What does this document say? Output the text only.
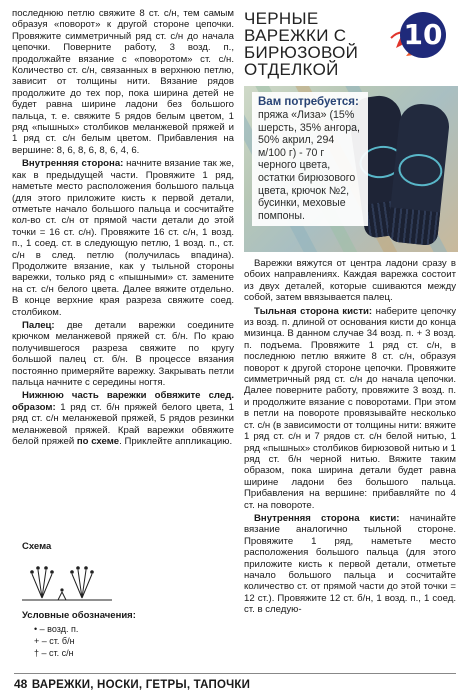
последнюю петлю свяжите 8 ст. с/н, тем самым образуя «поворот» к другой стороне цепочки. Провяжите симметричный ряд ст. с/н до начала цепочки. Поверните работу, 3 возд. п., продолжайте вязание с «поворотом» ст. с/н. Количество ст. с/н, связанных в верхнюю петлю, зависит от толщины нити. Вязание рядов продолжите до тех пор, пока ширина детей не будет равна ширине ладони без большого пальца, т. е. свяжите 5 рядов белым цветом, 1 ряд «пышных» столбиков меланжевой пряжей и 1 ряд ст. с/н белым цветом. Прибавления на вершине: 8, 6, 8, 6, 8, 6, 4, 6.

Внутренняя сторона: начните вязание так же, как в предыдущей части. Провяжите 1 ряд, наметьте место расположения большого пальца (для этого приложите кисть к первой детали, отметьте начало большого пальца и сосчитайте кол-во ст. с/н от прямой части детали до этой точки = 16 ст. с/н). Провяжите 16 ст. с/н, 1 возд. п., 1 соед. ст. в следующую петлю, 1 возд. п., ст. с/н в след. петлю (получилась впадина). Продолжите вязание, как у тыльной стороны варежки, только ряд с «пышными» ст. замените на ст. с/н белого цвета. Далее вяжите отдельно. В конце верхние края разреза свяжите соед. столбиком.

Палец: две детали варежки соедините крючком меланжевой пряжей ст. б/н. По краю получившегося разреза свяжите по кругу большой палец ст. б/н. В процессе вязания постоянно примеряйте варежку. Закрывать петли пальца начните с середины ногтя.

Нижнюю часть варежки обвяжите след. образом: 1 ряд ст. б/н пряжей белого цвета, 1 ряд ст. с/н меланжевой пряжей, 5 рядов резинки меланжевой пряжей. Край варежки обвяжите белой пряжей по схеме. Приклейте аппликацию.

Схема
Условные обозначения:
• – возд. п.
+ – ст. б/н
† – ст. с/н
ЧЕРНЫЕ ВАРЕЖКИ С БИРЮЗОВОЙ ОТДЕЛКОЙ
10
Вам потребуется:
пряжа «Лиза» (15% шерсть, 35% ангора, 50% акрил, 294 м/100 г) - 70 г черного цвета, остатки бирюзового цвета, крючок №2, бусинки, меховые помпоны.

Варежки вяжутся от центра ладони сразу в обоих направлениях. Каждая варежка состоит из двух деталей, которые сшиваются между собой, затем ввязывается палец.

Тыльная сторона кисти: наберите цепочку из возд. п. длиной от основания кисти до конца мизинца. В данном случае 34 возд. п. + 3 возд. п. подъема. Провяжите 1 ряд ст. с/н, в последнюю петлю вяжите 8 ст. с/н, образуя поворот к другой стороне цепочки. Провяжите симметричный ряд ст. с/н до начала цепочки. Далее поверните работу, провяжите 3 возд. п. и продолжите вязание с поворотами. При этом в петли на повороте провязывайте несколько ст. с/н (в зависимости от толщины нити: вяжите 1 ряд ст. с/н и 7 рядов ст. с/н белой нитью, 1 ряд «пышных» столбиков бирюзовой нитью и 1 ряд ст. б/н черной нитью. Вяжите таким образом, пока ширина детали будет равна ширине ладони без большого пальца. Прибавления на вершине: прибавляйте по 4 ст. на повороте.

Внутренняя сторона кисти: начинайте вязание аналогично тыльной стороне. Провяжите 1 ряд, наметьте место расположения большого пальца (для этого приложите кисть к первой детали, отметьте начало большого пальца и сосчитайте количество ст. от прямой части до этой точки = 12 ст.). Провяжите 12 ст. б/н, 1 возд. п., 1 соед. ст. в следую-

48 ВАРЕЖКИ, НОСКИ, ГЕТРЫ, ТАПОЧКИ
